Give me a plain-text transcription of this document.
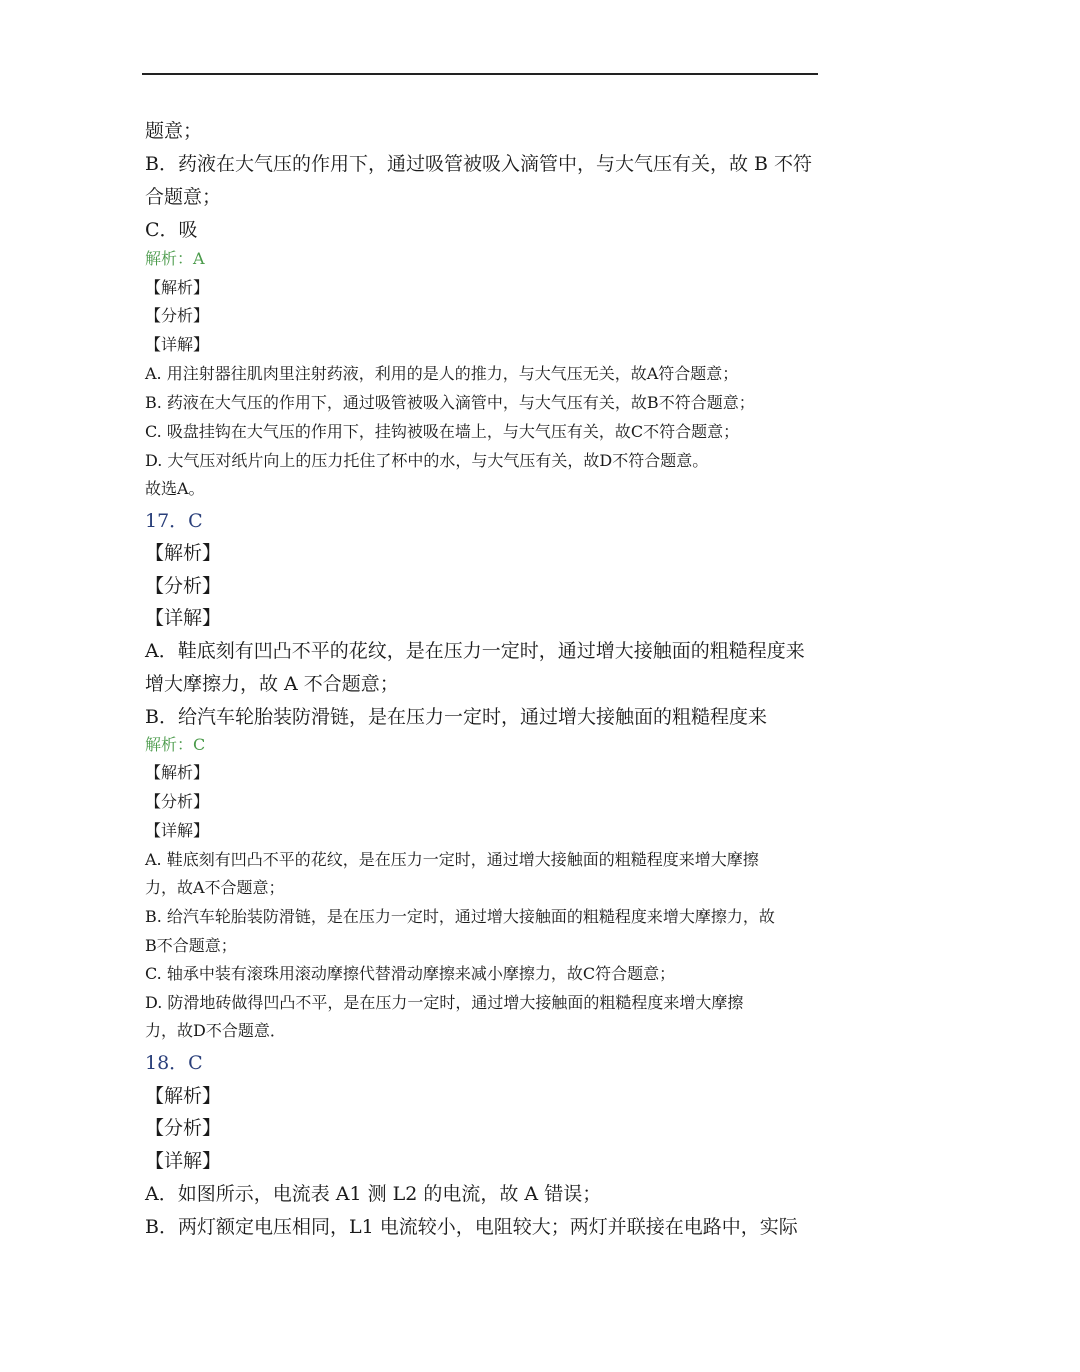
题意；
B．药液在大气压的作用下，通过吸管被吸入滴管中，与大气压有关，故 B 不符
合题意；
C．吸
解析：A
【解析】
【分析】
【详解】
A. 用注射器往肌肉里注射药液，利用的是人的推力，与大气压无关，故A符合题意；
B. 药液在大气压的作用下，通过吸管被吸入滴管中，与大气压有关，故B不符合题意；
C. 吸盘挂钩在大气压的作用下，挂钩被吸在墙上，与大气压有关，故C不符合题意；
D. 大气压对纸片向上的压力托住了杯中的水，与大气压有关，故D不符合题意。
故选A。
17．C
【解析】
【分析】
【详解】
A．鞋底刻有凹凸不平的花纹，是在压力一定时，通过增大接触面的粗糙程度来
增大摩擦力，故 A 不合题意；
B．给汽车轮胎装防滑链，是在压力一定时，通过增大接触面的粗糙程度来
解析：C
【解析】
【分析】
【详解】
A. 鞋底刻有凹凸不平的花纹，是在压力一定时，通过增大接触面的粗糙程度来增大摩擦
力，故A不合题意；
B. 给汽车轮胎装防滑链，是在压力一定时，通过增大接触面的粗糙程度来增大摩擦力，故
B不合题意；
C. 轴承中装有滚珠用滚动摩擦代替滑动摩擦来减小摩擦力，故C符合题意；
D. 防滑地砖做得凹凸不平，是在压力一定时，通过增大接触面的粗糙程度来增大摩擦
力，故D不合题意．
18．C
【解析】
【分析】
【详解】
A．如图所示，电流表 A1 测 L2 的电流，故 A 错误；
B．两灯额定电压相同，L1 电流较小，电阻较大；两灯并联接在电路中，实际
